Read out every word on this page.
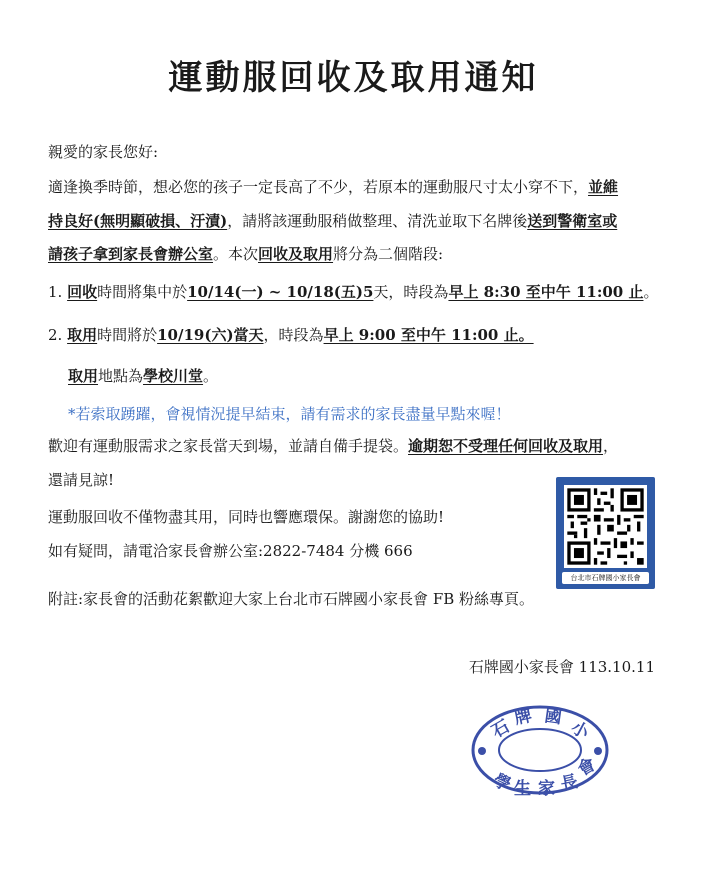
運動服回收及取用通知

親愛的家長您好:

適逢換季時節，想必您的孩子一定長高了不少，若原本的運動服尺寸太小穿不下，並維

持良好(無明顯破損、汙漬)，請將該運動服稍做整理、清洗並取下名牌後送到警衛室或

請孩子拿到家長會辦公室。本次回收及取用將分為二個階段:

1. 回收時間將集中於10/14(一) ~ 10/18(五)5天，時段為早上 8:30 至中午 11:00 止。

2. 取用時間將於10/19(六)當天，時段為早上 9:00 至中午 11:00 止。

取用地點為學校川堂。

*若索取踴躍，會視情況提早結束，請有需求的家長盡量早點來喔！

歡迎有運動服需求之家長當天到場，並請自備手提袋。逾期恕不受理任何回收及取用，

還請見諒!

運動服回收不僅物盡其用，同時也響應環保。謝謝您的協助!

如有疑問，請電洽家長會辦公室:2822-7484 分機 666

附註:家長會的活動花絮歡迎大家上台北市石牌國小家長會 FB 粉絲專頁。

台北市石牌國小家長會

石牌國小家長會 113.10.11

石 牌 國
小
學 生 家 長
會
